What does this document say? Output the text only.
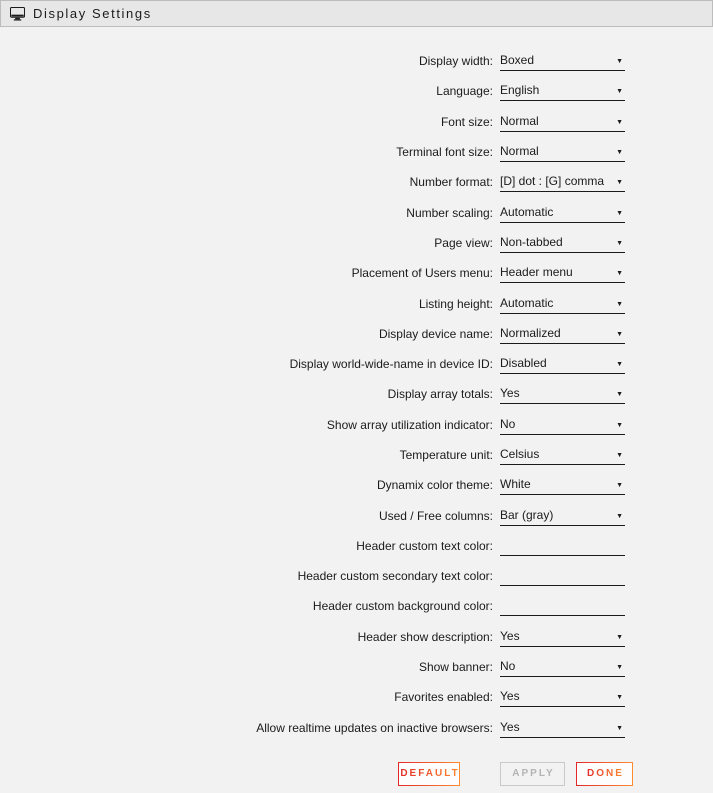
Display Settings
Display width:
Boxed	▼
Language:
English	▼
Font size:
Normal	▼
Terminal font size:
Normal	▼
Number format:
[D] dot : [G] comma	▼
Number scaling:
Automatic	▼
Page view:
Non-tabbed	▼
Placement of Users menu:
Header menu	▼
Listing height:
Automatic	▼
Display device name:
Normalized	▼
Display world-wide-name in device ID:
Disabled	▼
Display array totals:
Yes	▼
Show array utilization indicator:
No	▼
Temperature unit:
Celsius	▼
Dynamix color theme:
White	▼
Used / Free columns:
Bar (gray)	▼
Header custom text color:
Header custom secondary text color:
Header custom background color:
Header show description:
Yes	▼
Show banner:
No	▼
Favorites enabled:
Yes	▼
Allow realtime updates on inactive browsers:
Yes	▼
DEFAULT	APPLY	DONE
